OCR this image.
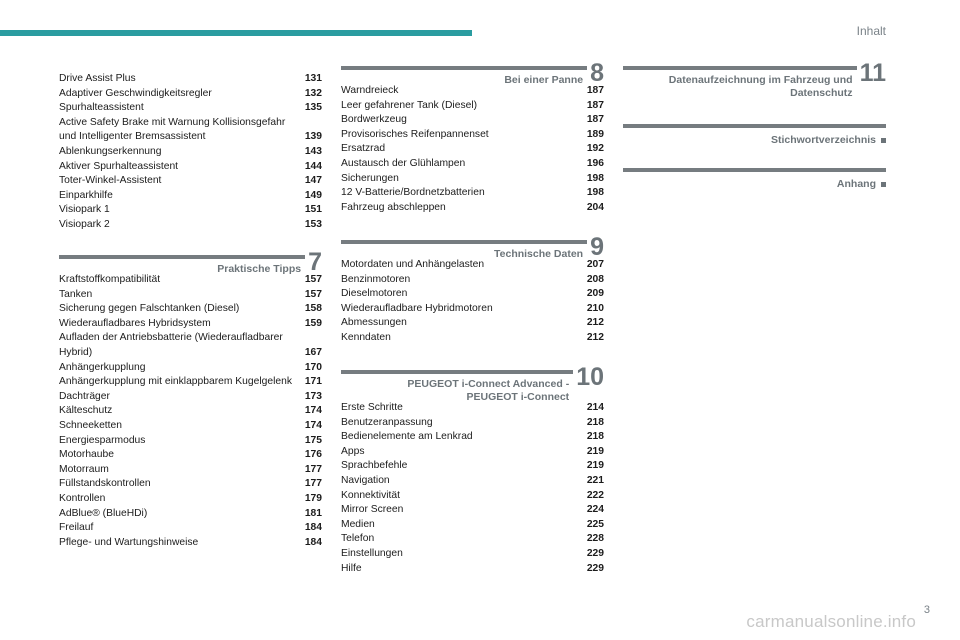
Inhalt
Drive Assist Plus	131
Adaptiver Geschwindigkeitsregler	132
Spurhalteassistent	135
Active Safety Brake mit Warnung Kollisionsgefahr und Intelligenter Bremsassistent	139
Ablenkungserkennung	143
Aktiver Spurhalteassistent	144
Toter-Winkel-Assistent	147
Einparkhilfe	149
Visiopark 1	151
Visiopark 2	153
Praktische Tipps 7
Kraftstoffkompatibilität	157
Tanken	157
Sicherung gegen Falschtanken (Diesel)	158
Wiederaufladbares Hybridsystem	159
Aufladen der Antriebsbatterie (Wiederaufladbarer Hybrid)	167
Anhängerkupplung	170
Anhängerkupplung mit einklappbarem Kugelgelenk	171
Dachträger	173
Kälteschutz	174
Schneeketten	174
Energiesparmodus	175
Motorhaube	176
Motorraum	177
Füllstandskontrollen	177
Kontrollen	179
AdBlue® (BlueHDi)	181
Freilauf	184
Pflege- und Wartungshinweise	184
Bei einer Panne 8
Warndreieck	187
Leer gefahrener Tank (Diesel)	187
Bordwerkzeug	187
Provisorisches Reifenpannenset	189
Ersatzrad	192
Austausch der Glühlampen	196
Sicherungen	198
12 V-Batterie/Bordnetzbatterien	198
Fahrzeug abschleppen	204
Technische Daten 9
Motordaten und Anhängelasten	207
Benzinmotoren	208
Dieselmotoren	209
Wiederaufladbare Hybridmotoren	210
Abmessungen	212
Kenndaten	212
PEUGEOT i-Connect Advanced - PEUGEOT i-Connect
10
Erste Schritte	214
Benutzeranpassung	218
Bedienelemente am Lenkrad	218
Apps	219
Sprachbefehle	219
Navigation	221
Konnektivität	222
Mirror Screen	224
Medien	225
Telefon	228
Einstellungen	229
Hilfe	229
Datenaufzeichnung im Fahrzeug und Datenschutz
11
Stichwortverzeichnis
Anhang
3
carmanualsonline.info
